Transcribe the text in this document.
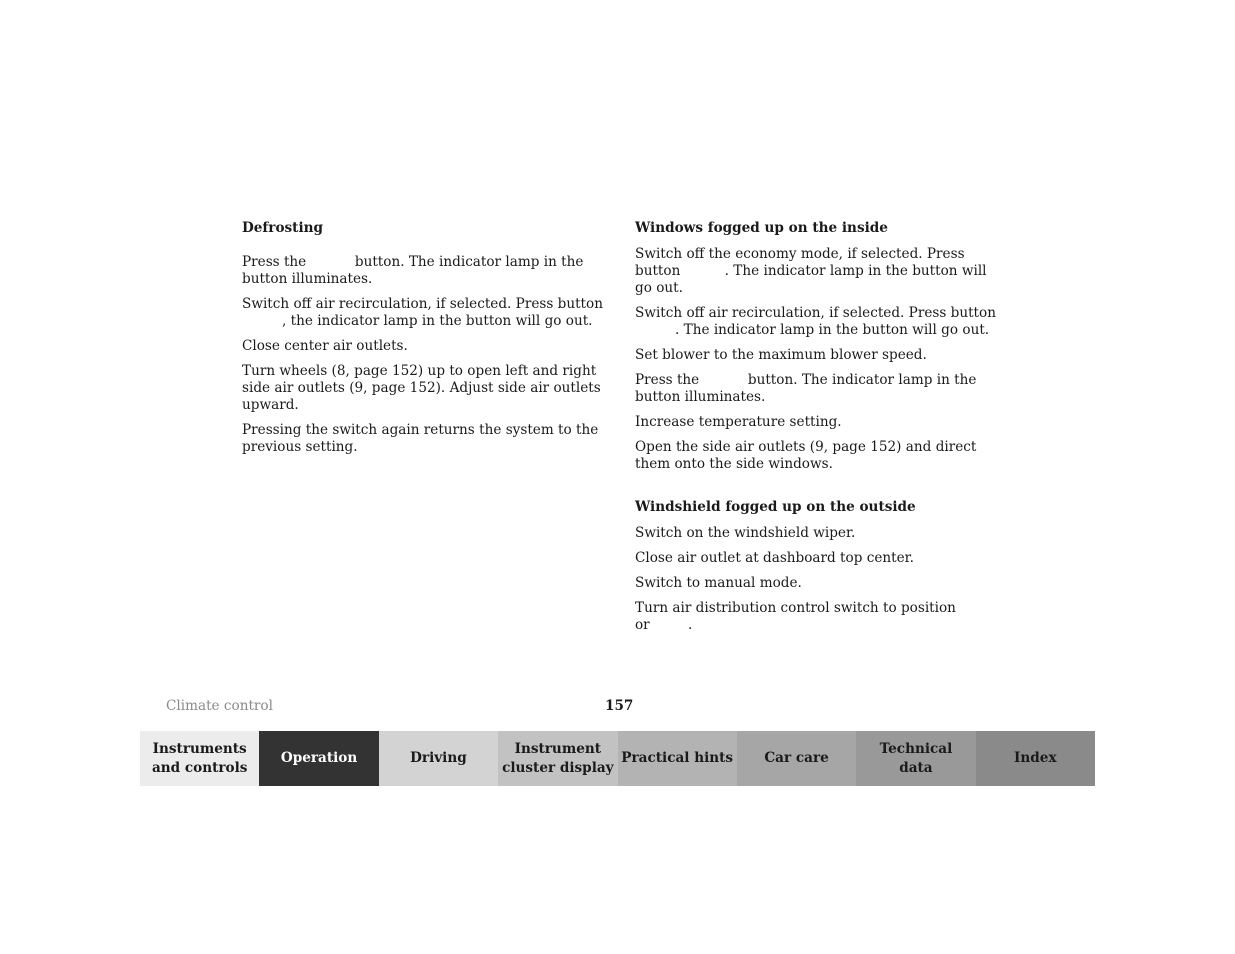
Defrosting

Press the	button. The indicator lamp in the button illuminates.

Switch off air recirculation, if selected. Press button , the indicator lamp in the button will go out.

Close center air outlets.

Turn wheels (8, page 152) up to open left and right side air outlets (9, page 152). Adjust side air outlets upward.

Pressing the switch again returns the system to the previous setting.

Windows fogged up on the inside

Switch off the economy mode, if selected. Press button	. The indicator lamp in the button will go out.

Switch off air recirculation, if selected. Press button . The indicator lamp in the button will go out.

Set blower to the maximum blower speed.

Press the	button. The indicator lamp in the button illuminates.

Increase temperature setting.

Open the side air outlets (9, page 152) and direct them onto the side windows.

Windshield fogged up on the outside

Switch on the windshield wiper.

Close air outlet at dashboard top center.

Switch to manual mode.

Turn air distribution control switch to position
or	.

Climate control	157
Instruments
and controls
Operation	Driving
Instrument
cluster display
Practical hints	Car care
Technical
data
Index
